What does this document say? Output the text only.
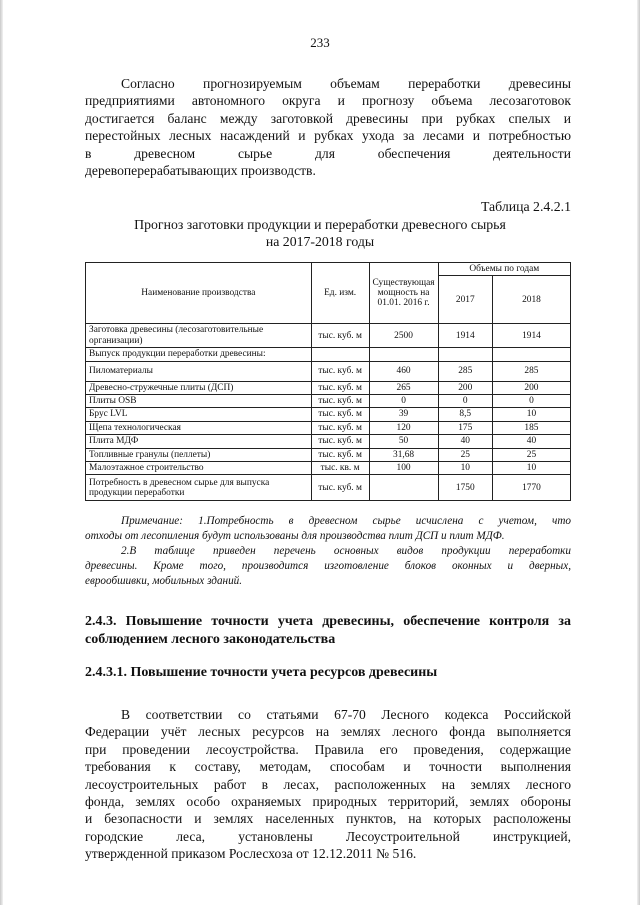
233
Согласно прогнозируемым объемам переработки древесины
предприятиями автономного округа и прогнозу объема лесозаготовок
достигается баланс между заготовкой древесины при рубках спелых и
перестойных лесных насаждений и рубках ухода за лесами и потребностью
в древесном сырье для обеспечения деятельности
деревоперерабатывающих производств.
Таблица 2.4.2.1
Прогноз заготовки продукции и переработки древесного сырья
на 2017-2018 годы
Наименование производства	Ед. изм.	Существующая мощность на 01.01. 2016 г.	Объемы по годам	
			2017	2018
Заготовка древесины (лесозаготовительные организации)	тыс. куб. м	2500	1914	1914
Выпуск продукции переработки древесины:				
Пиломатериалы	тыс. куб. м	460	285	285
Древесно-стружечные плиты (ДСП)	тыс. куб. м	265	200	200
Плиты OSB	тыс. куб. м	0	0	0
Брус LVL	тыс. куб. м	39	8,5	10
Щепа технологическая	тыс. куб. м	120	175	185
Плита МДФ	тыс. куб. м	50	40	40
Топливные гранулы (пеллеты)	тыс. куб. м	31,68	25	25
Малоэтажное строительство	тыс. кв. м	100	10	10
Потребность в древесном сырье для выпуска продукции переработки	тыс. куб. м		1750	1770
Примечание: 1.Потребность в древесном сырье исчислена с учетом, что
отходы от лесопиления будут использованы для производства плит ДСП и плит МДФ.
2.В таблице приведен перечень основных видов продукции переработки
древесины. Кроме того, производится изготовление блоков оконных и дверных,
еврообшивки, мобильных зданий.
2.4.3. Повышение точности учета древесины, обеспечение контроля за
соблюдением лесного законодательства
2.4.3.1. Повышение точности учета ресурсов древесины
В соответствии со статьями 67-70 Лесного кодекса Российской
Федерации учёт лесных ресурсов на землях лесного фонда выполняется
при проведении лесоустройства. Правила его проведения, содержащие
требования к составу, методам, способам и точности выполнения
лесоустроительных работ в лесах, расположенных на землях лесного
фонда, землях особо охраняемых природных территорий, землях обороны
и безопасности и землях населенных пунктов, на которых расположены
городские леса, установлены Лесоустроительной инструкцией,
утвержденной приказом Рослесхоза от 12.12.2011 № 516.
